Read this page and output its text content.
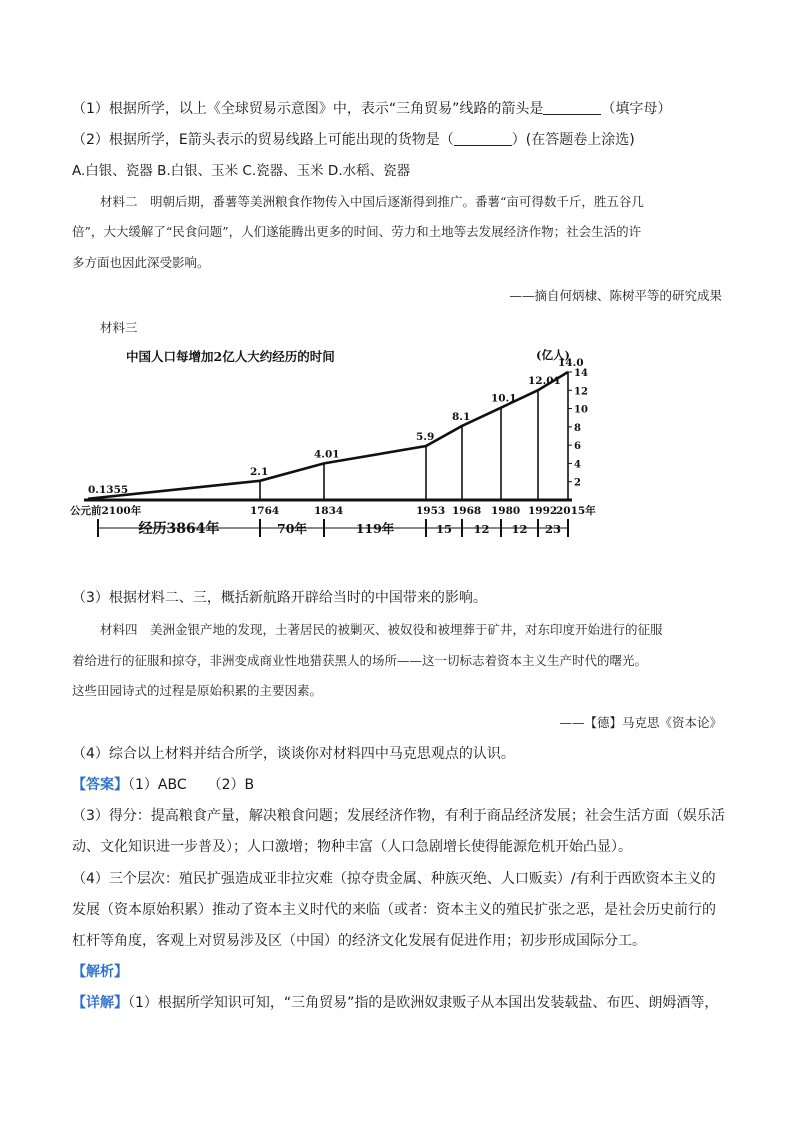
（1）根据所学，以上《全球贸易示意图》中，表示“三角贸易”线路的箭头是	（填字母）
（2）根据所学，E箭头表示的贸易线路上可能出现的货物是（	）(在答题卷上涂选)
A.白银、瓷器 B.白银、玉米 C.瓷器、玉米 D.水稻、瓷器
材料二　明朝后期，番薯等美洲粮食作物传入中国后逐渐得到推广。番薯“亩可得数千斤，胜五谷几
倍”，大大缓解了“民食问题”，人们遂能腾出更多的时间、劳力和土地等去发展经济作物；社会生活的许
多方面也因此深受影响。
——摘自何炳棣、陈树平等的研究成果
材料三
中国人口每增加2亿人大约经历的时间	(亿人)
0.1355
2.1
4.01
5.9
8.1
10.1
12.01
14.0
2
4
6
8
10
12
14
公元前2100年	1764	1834	1953 1968 1980 1992
2015年
经历3864年	70年	119年	15 12 12 23
（3）根据材料二、三，概括新航路开辟给当时的中国带来的影响。
材料四　美洲金银产地的发现，土著居民的被剿灭、被奴役和被埋葬于矿井，对东印度开始进行的征服
着给进行的征服和掠夺，非洲变成商业性地猎获黑人的场所——这一切标志着资本主义生产时代的曙光。
这些田园诗式的过程是原始积累的主要因素。
——【德】马克思《资本论》
（4）综合以上材料并结合所学，谈谈你对材料四中马克思观点的认识。
【答案】（1）ABC　　（2）B
（3）得分：提高粮食产量，解决粮食问题；发展经济作物，有利于商品经济发展；社会生活方面（娱乐活
动、文化知识进一步普及）；人口激增；物种丰富（人口急剧增长使得能源危机开始凸显）。
（4）三个层次：殖民扩强造成亚非拉灾难（掠夺贵金属、种族灭绝、人口贩卖）/有利于西欧资本主义的
发展（资本原始积累）推动了资本主义时代的来临（或者：资本主义的殖民扩张之恶，是社会历史前行的
杠杆等角度，客观上对贸易涉及区（中国）的经济文化发展有促进作用；初步形成国际分工。
【解析】
【详解】（1）根据所学知识可知，“三角贸易”指的是欧洲奴隶贩子从本国出发装载盐、布匹、朗姆酒等，
